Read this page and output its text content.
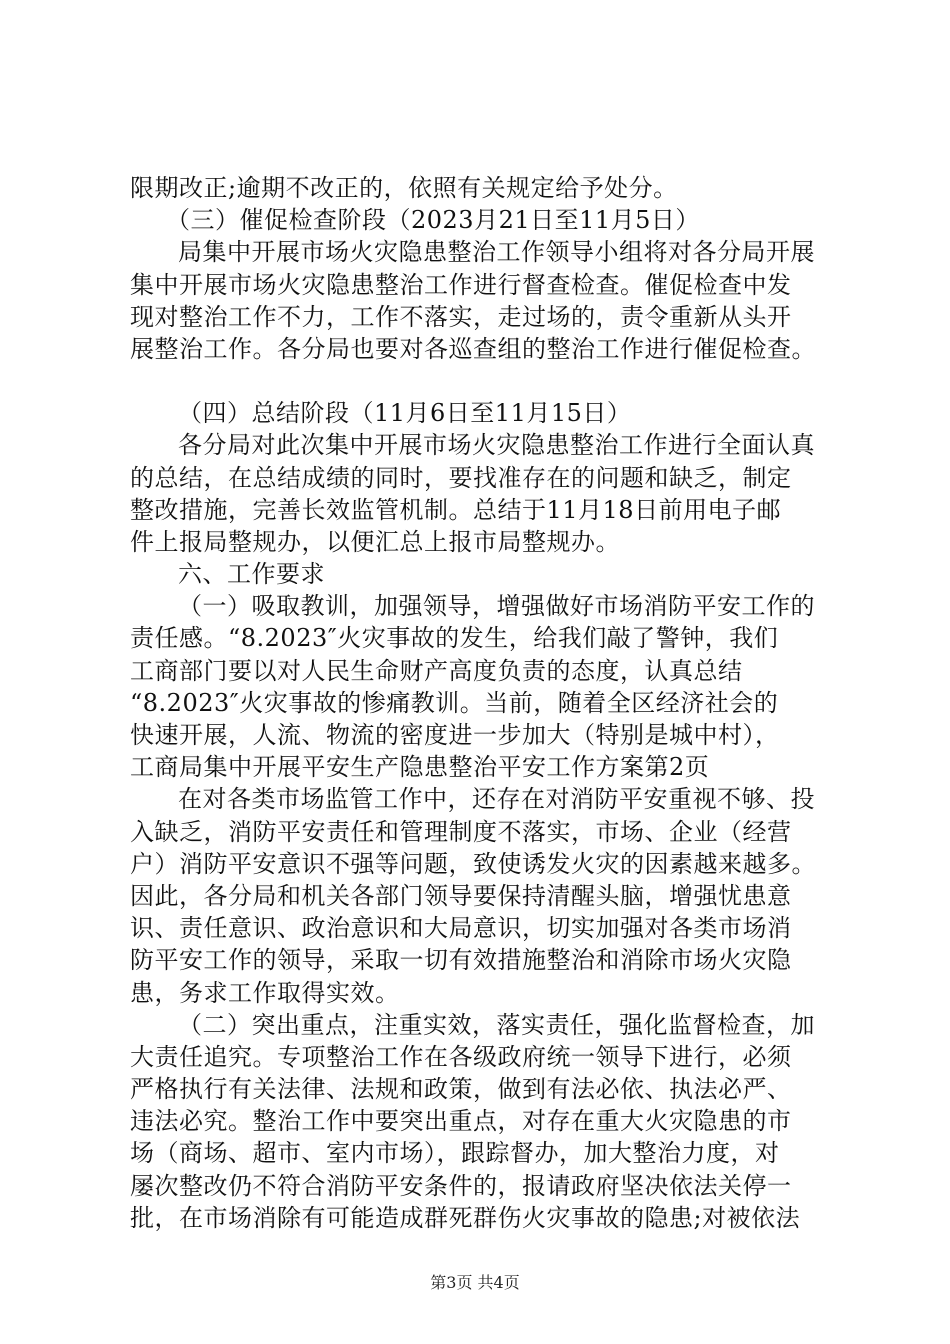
限期改正;逾期不改正的，依照有关规定给予处分。
（三）催促检查阶段（2023月21日至11月5日）
局集中开展市场火灾隐患整治工作领导小组将对各分局开展
集中开展市场火灾隐患整治工作进行督查检查。催促检查中发
现对整治工作不力，工作不落实，走过场的，责令重新从头开
展整治工作。各分局也要对各巡查组的整治工作进行催促检查。
（四）总结阶段（11月6日至11月15日）
各分局对此次集中开展市场火灾隐患整治工作进行全面认真
的总结，在总结成绩的同时，要找准存在的问题和缺乏，制定
整改措施，完善长效监管机制。总结于11月18日前用电子邮
件上报局整规办，以便汇总上报市局整规办。
六、工作要求
（一）吸取教训，加强领导，增强做好市场消防平安工作的
责任感。“8.2023″火灾事故的发生，给我们敲了警钟，我们
工商部门要以对人民生命财产高度负责的态度，认真总结
“8.2023″火灾事故的惨痛教训。当前，随着全区经济社会的
快速开展，人流、物流的密度进一步加大（特别是城中村），
工商局集中开展平安生产隐患整治平安工作方案第2页
在对各类市场监管工作中，还存在对消防平安重视不够、投
入缺乏，消防平安责任和管理制度不落实，市场、企业（经营
户）消防平安意识不强等问题，致使诱发火灾的因素越来越多。
因此，各分局和机关各部门领导要保持清醒头脑，增强忧患意
识、责任意识、政治意识和大局意识，切实加强对各类市场消
防平安工作的领导，采取一切有效措施整治和消除市场火灾隐
患，务求工作取得实效。
（二）突出重点，注重实效，落实责任，强化监督检查，加
大责任追究。专项整治工作在各级政府统一领导下进行，必须
严格执行有关法律、法规和政策，做到有法必依、执法必严、
违法必究。整治工作中要突出重点，对存在重大火灾隐患的市
场（商场、超市、室内市场），跟踪督办，加大整治力度，对
屡次整改仍不符合消防平安条件的，报请政府坚决依法关停一
批，在市场消除有可能造成群死群伤火灾事故的隐患;对被依法
第3页 共4页
